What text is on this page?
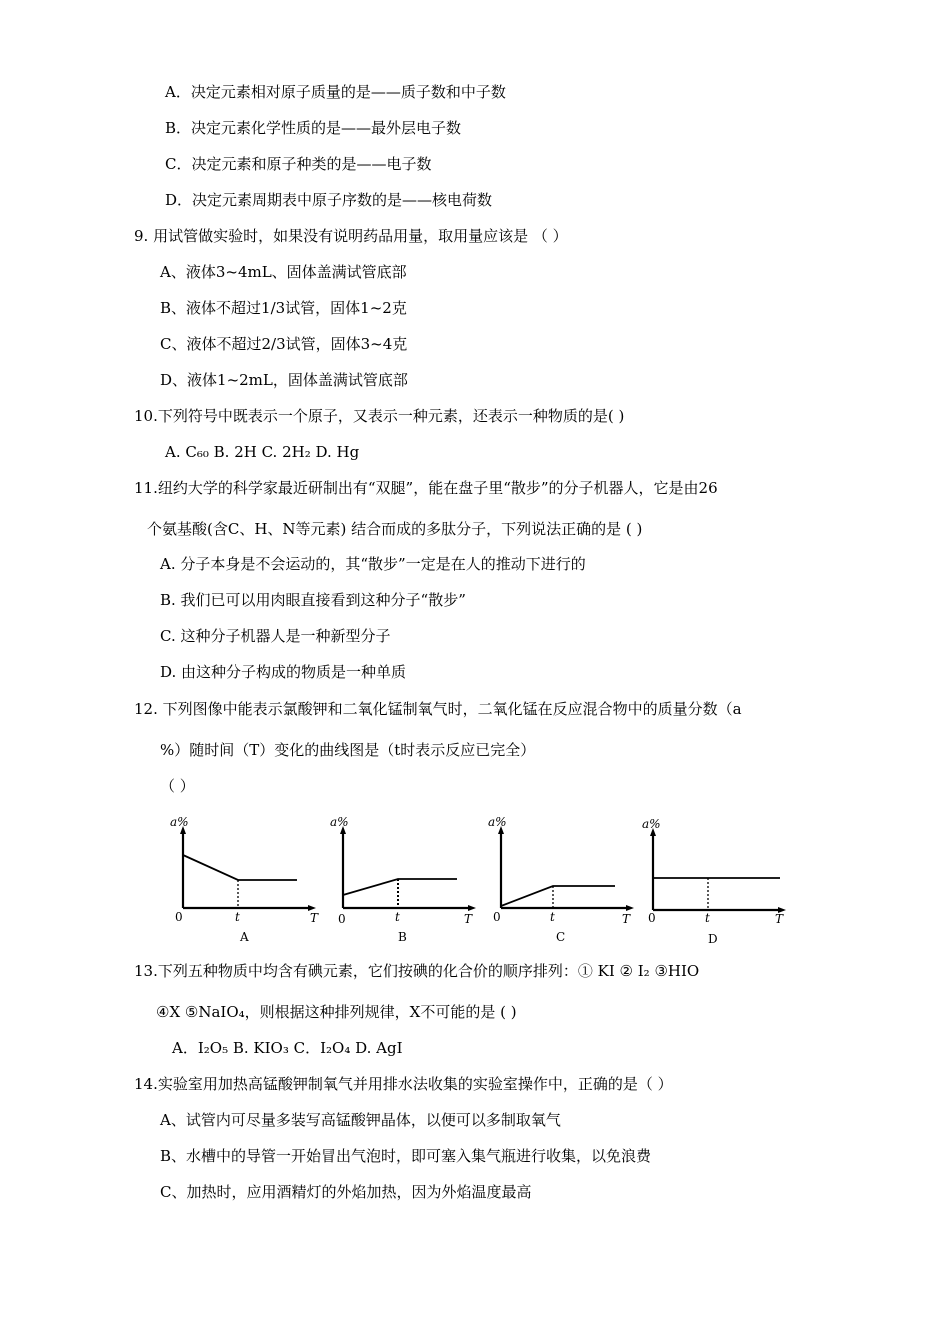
A．决定元素相对原子质量的是——质子数和中子数
B．决定元素化学性质的是——最外层电子数
C．决定元素和原子种类的是——电子数
D．决定元素周期表中原子序数的是——核电荷数
9. 用试管做实验时，如果没有说明药品用量，取用量应该是 （ ）
A、液体3~4mL、固体盖满试管底部
B、液体不超过1/3试管，固体1~2克
C、液体不超过2/3试管，固体3~4克
D、液体1~2mL，固体盖满试管底部
10.下列符号中既表示一个原子，又表示一种元素，还表示一种物质的是( )
A. C₆₀ B. 2H C. 2H₂ D. Hg
11.纽约大学的科学家最近研制出有“双腿”，能在盘子里“散步”的分子机器人，它是由26
个氨基酸(含C、H、N等元素) 结合而成的多肽分子，下列说法正确的是 ( )
A. 分子本身是不会运动的，其“散步”一定是在人的推动下进行的
B. 我们已可以用肉眼直接看到这种分子“散步”
C. 这种分子机器人是一种新型分子
D. 由这种分子构成的物质是一种单质
12. 下列图像中能表示氯酸钾和二氧化锰制氧气时，二氧化锰在反应混合物中的质量分数（a
%）随时间（T）变化的曲线图是（t时表示反应已完全）
（ ）
a%
0	t	T
A
a%
0	t	T
B
a%
0	t	T
C
a%
0	t	T
D
13.下列五种物质中均含有碘元素，它们按碘的化合价的顺序排列：① KI ② I₂ ③HIO
④X ⑤NaIO₄，则根据这种排列规律，X不可能的是 ( )
A．I₂O₅ B. KIO₃ C．I₂O₄ D. AgI
14.实验室用加热高锰酸钾制氧气并用排水法收集的实验室操作中，正确的是（ ）
A、试管内可尽量多装写高锰酸钾晶体，以便可以多制取氧气
B、水槽中的导管一开始冒出气泡时，即可塞入集气瓶进行收集，以免浪费
C、加热时，应用酒精灯的外焰加热，因为外焰温度最高
